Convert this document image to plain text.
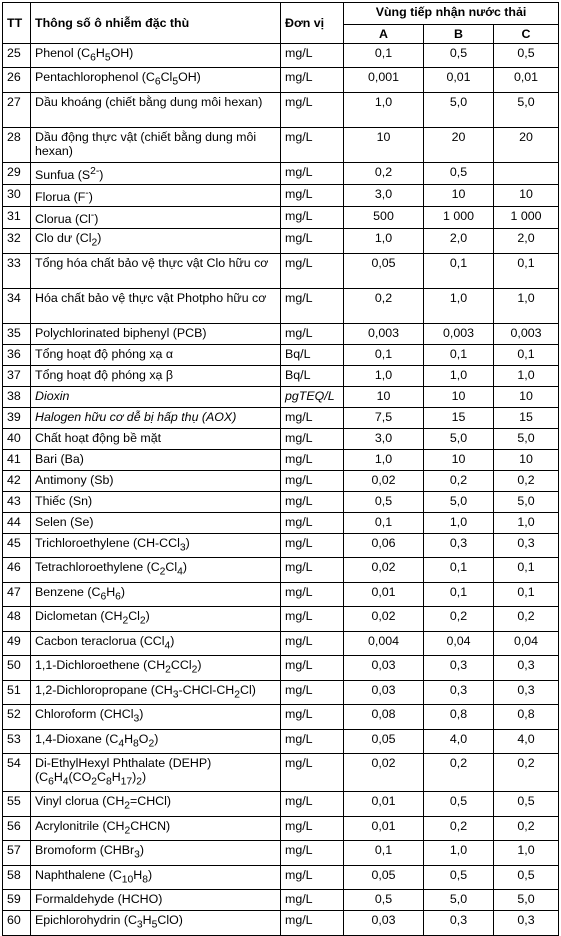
TT	Thông số ô nhiễm đặc thù	Đơn vị	Vùng tiếp nhận nước thải		
			A	B	C
25	Phenol $(C_6H_5OH)$	mg/L	0,1	0,5	0,5
26	Pentachlorophenol $(C_6Cl_5OH)$	mg/L	0,001	0,01	0,01
27	Dầu khoáng (chiết bằng dung môi hexan)	mg/L	1,0	5,0	5,0
28	Dầu động thực vật (chiết bằng dung môi hexan)	mg/L	10	20	20
29	Sunfua $(S^{2-})$	mg/L	0,2	0,5	
30	Florua (F-)	mg/L	3,0	10	10
31	Clorua (Cl-)	mg/L	500	1 000	1 000
32	Clo dư $(Cl_2)$	mg/L	1,0	2,0	2,0
33	Tổng hóa chất bảo vệ thực vật Clo hữu cơ	mg/L	0,05	0,1	0,1
34	Hóa chất bảo vệ thực vật Photpho hữu cơ	mg/L	0,2	1,0	1,0
35	Polychlorinated biphenyl (PCB)	mg/L	0,003	0,003	0,003
36	Tổng hoạt độ phóng xạ α	Bq/L	0,1	0,1	0,1
37	Tổng hoạt độ phóng xạ β	Bq/L	1,0	1,0	1,0
38	Dioxin	pgTEQ/L	10	10	10
39	Halogen hữu cơ dễ bị hấp thụ (AOX)	mg/L	7,5	15	15
40	Chất hoạt động bề mặt	mg/L	3,0	5,0	5,0
41	Bari (Ba)	mg/L	1,0	10	10
42	Antimony (Sb)	mg/L	0,02	0,2	0,2
43	Thiếc (Sn)	mg/L	0,5	5,0	5,0
44	Selen (Se)	mg/L	0,1	1,0	1,0
45	Trichloroethylene (CH-CCl$_3$)	mg/L	0,06	0,3	0,3
46	Tetrachloroethylene $(C_2Cl_4)$	mg/L	0,02	0,1	0,1
47	Benzene $(C_6H_6)$	mg/L	0,01	0,1	0,1
48	Diclometan $(CH_2Cl_2)$	mg/L	0,02	0,2	0,2
49	Cacbon teraclorua (CCl$_4$)	mg/L	0,004	0,04	0,04
50	1,1-Dichloroethene $(CH_2CCl_2)$	mg/L	0,03	0,3	0,3
51	1,2-Dichloropropane $(CH_3-CHCl-CH_2Cl)$	mg/L	0,03	0,3	0,3
52	Chloroform (CHCl$_3$)	mg/L	0,08	0,8	0,8
53	1,4-Dioxane $(C_4H_8O_2)$	mg/L	0,05	4,0	4,0
54	Di-EthylHexyl Phthalate (DEHP) $(C_6H_4(CO_2C_8H_{17})_2)$	mg/L	0,02	0,2	0,2
55	Vinyl clorua $(CH_2=CHCl)$	mg/L	0,01	0,5	0,5
56	Acrylonitrile $(CH_2CHCN)$	mg/L	0,01	0,2	0,2
57	Bromoform (CHBr$_3$)	mg/L	0,1	1,0	1,0
58	Naphthalene $(C_{10}H_8)$	mg/L	0,05	0,5	0,5
59	Formaldehyde (HCHO)	mg/L	0,5	5,0	5,0
60	Epichlorohydrin $(C_3H_5ClO)$	mg/L	0,03	0,3	0,3
